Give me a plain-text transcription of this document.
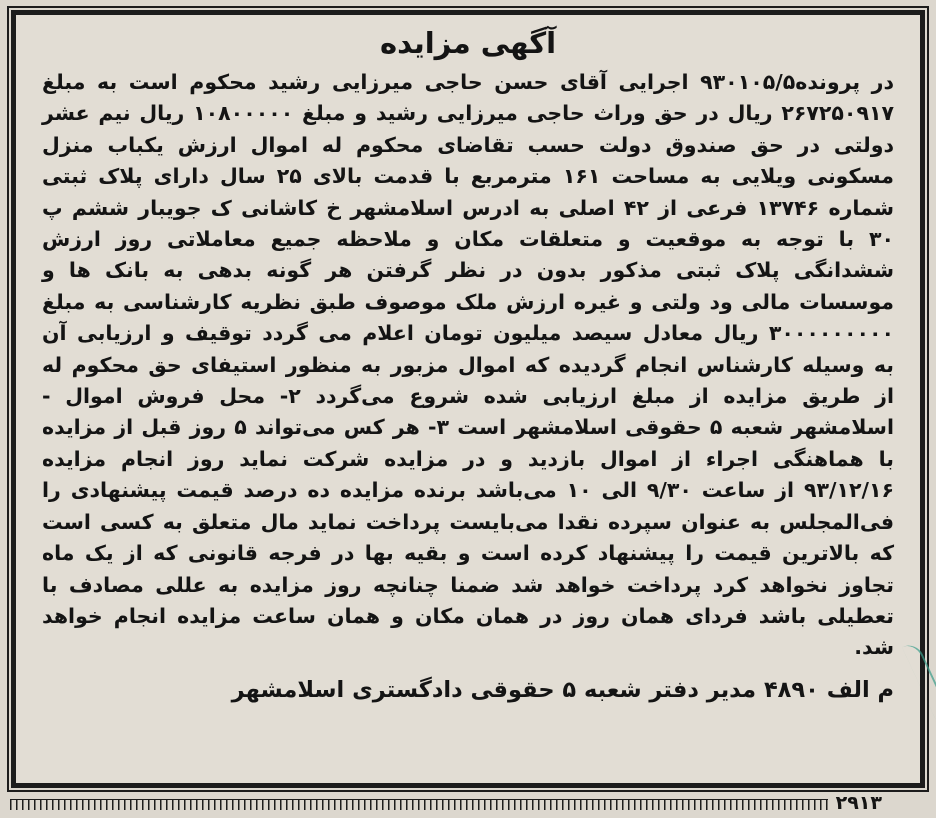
آگهی مزایده

در پرونده۹۳۰۱۰۵/۵ اجرایی آقای حسن حاجی میرزایی رشید محکوم است به مبلغ ۲۶۷۲۵۰۹۱۷ ریال در حق وراث حاجی میرزایی رشید و مبلغ ۱۰۸۰۰۰۰۰ ریال نیم عشر دولتی در حق صندوق دولت حسب تقاضای محکوم له اموال ارزش یکباب منزل مسکونی ویلایی به مساحت ۱۶۱ مترمربع با قدمت بالای ۲۵ سال دارای پلاک ثبتی شماره ۱۳۷۴۶ فرعی از ۴۲ اصلی به ادرس اسلامشهر خ کاشانی ک جویبار ششم پ ۳۰ با توجه به موقعیت و متعلقات مکان و ملاحظه جمیع معاملاتی روز ارزش ششدانگی پلاک ثبتی مذکور بدون در نظر گرفتن هر گونه بدهی به بانک ها و موسسات مالی ود ولتی و غیره ارزش ملک موصوف طبق نظریه کارشناسی به مبلغ ۳۰۰۰۰۰۰۰۰۰ ریال معادل سیصد میلیون تومان اعلام می گردد توقیف و ارزیابی آن به وسیله کارشناس انجام گردیده که اموال مزبور به منظور استیفای حق محکوم له از طریق مزایده از مبلغ ارزیابی شده شروع می‌گردد ۲- محل فروش اموال - اسلامشهر شعبه ۵ حقوقی اسلامشهر است ۳- هر کس می‌تواند ۵ روز قبل از مزایده با هماهنگی اجراء از اموال بازدید و در مزایده شرکت نماید روز انجام مزایده ۹۳/۱۲/۱۶ از ساعت ۹/۳۰ الی ۱۰ می‌باشد برنده مزایده ده درصد قیمت پیشنهادی را فی‌المجلس به عنوان سپرده نقدا می‌بایست پرداخت نماید مال متعلق به کسی است که بالاترین قیمت را پیشنهاد کرده است و بقیه بها در فرجه قانونی که از یک ماه تجاوز نخواهد کرد پرداخت خواهد شد ضمنا چنانچه روز مزایده به عللی مصادف با تعطیلی باشد فردای همان روز در همان مکان و همان ساعت مزایده انجام خواهد شد.

م الف ۴۸۹۰ مدیر دفتر شعبه ۵ حقوقی دادگستری اسلامشهر
۲۹۱۳
